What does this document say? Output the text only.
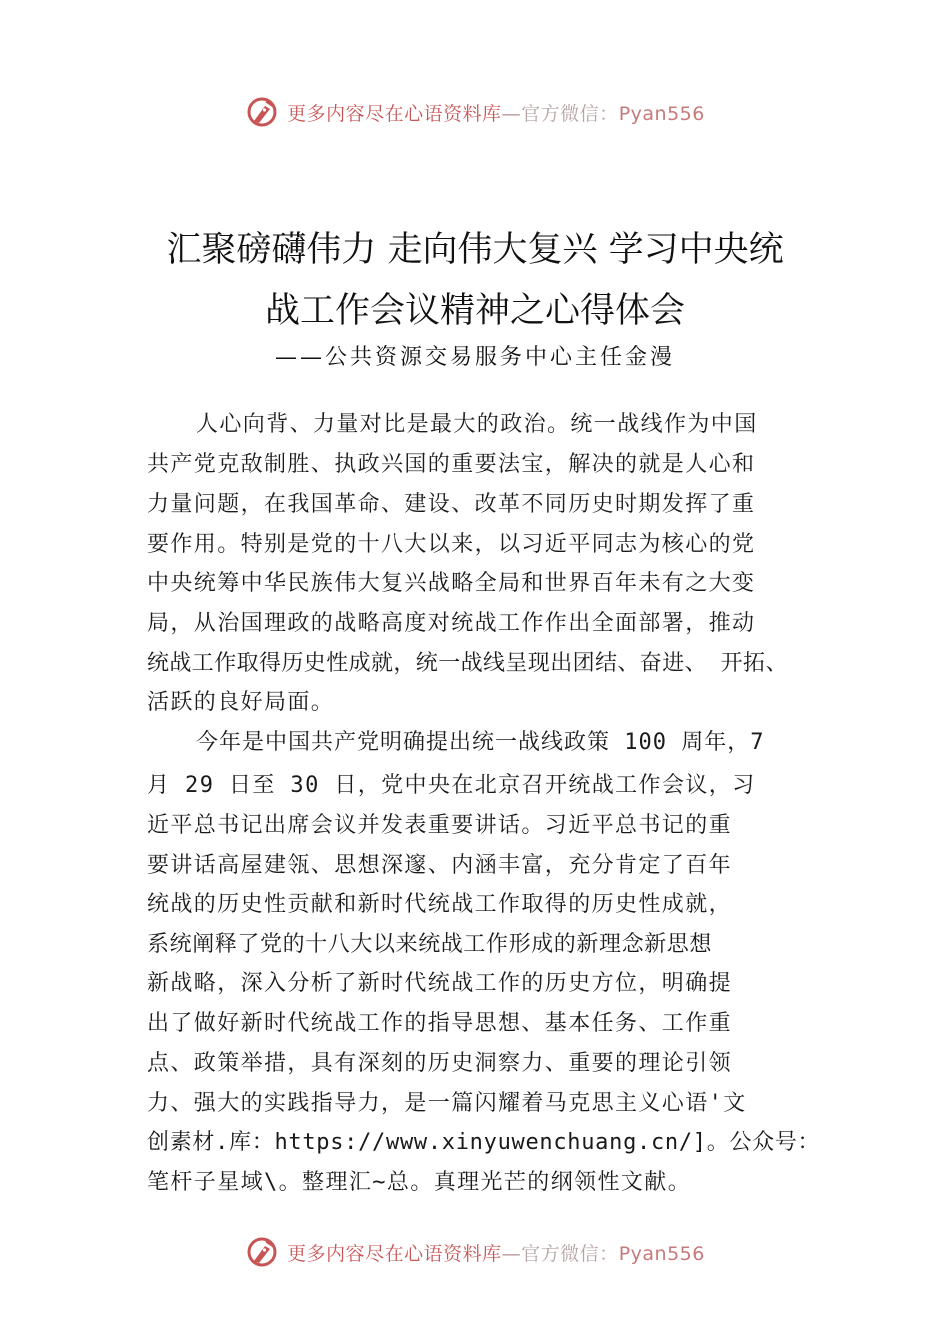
更多内容尽在心语资料库—官方微信：Pyan556
汇聚磅礴伟力 走向伟大复兴 学习中央统
战工作会议精神之心得体会
——公共资源交易服务中心主任金漫
人心向背、力量对比是最大的政治。统一战线作为中国
共产党克敌制胜、执政兴国的重要法宝，解决的就是人心和
力量问题，在我国革命、建设、改革不同历史时期发挥了重
要作用。特别是党的十八大以来，以习近平同志为核心的党
中央统筹中华民族伟大复兴战略全局和世界百年未有之大变
局，从治国理政的战略高度对统战工作作出全面部署，推动
统战工作取得历史性成就，统一战线呈现出团结、奋进、 开拓、
活跃的良好局面。
今年是中国共产党明确提出统一战线政策 100 周年，7
月 29 日至 30 日，党中央在北京召开统战工作会议，习
近平总书记出席会议并发表重要讲话。习近平总书记的重
要讲话高屋建瓴、思想深邃、内涵丰富，充分肯定了百年
统战的历史性贡献和新时代统战工作取得的历史性成就，
系统阐释了党的十八大以来统战工作形成的新理念新思想
新战略，深入分析了新时代统战工作的历史方位，明确提
出了做好新时代统战工作的指导思想、基本任务、工作重
点、政策举措，具有深刻的历史洞察力、重要的理论引领
力、强大的实践指导力，是一篇闪耀着马克思主义心语'文
创素材.库：https://www.xinyuwenchuang.cn/]。公众号：
笔杆子星域\。整理汇~总。真理光芒的纲领性文献。
更多内容尽在心语资料库—官方微信：Pyan556
